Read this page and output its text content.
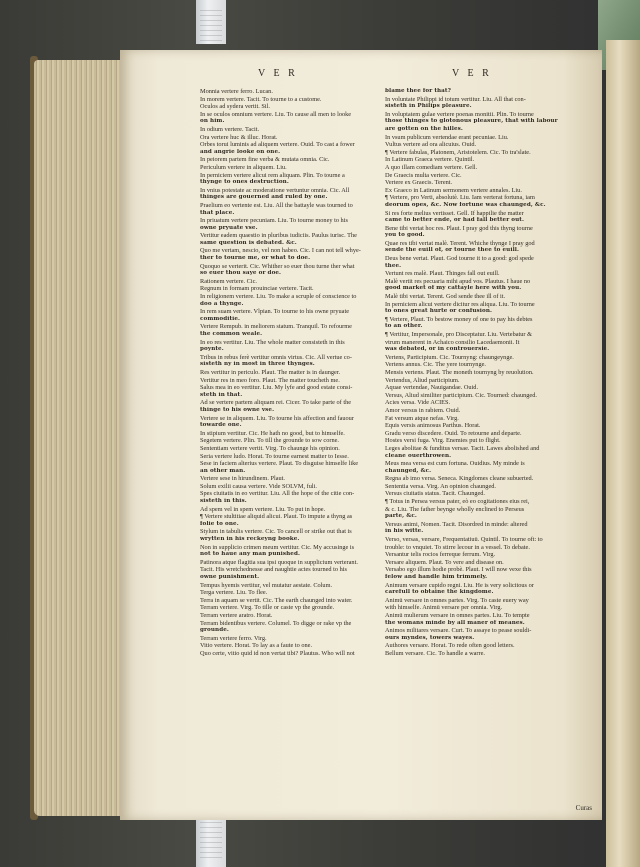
V E R	V E R
Monnia vertere ferro. Lucan.
In morem vertere. Tacit. To tourne to a custome.
Oculos ad sydera vertit. Sil.
In se oculos omnium vertere. Liu. To cause all men to looke
on him.
In odium vertere. Tacit.
Ora vertere huc & illuc. Horat.
Orbes torui luminis ad aliquem vertere. Ouid. To cast a fower
and angrie looke on one.
In peiorem partem fine verba & mutata omnia. Cic.
Periculum vertere in aliquem. Liu.
In perniciem vertere alicui rem aliquam. Plin. To tourne a
thynge to ones destruction.
In vnius potestate ac moderatione vertuntur omnia. Cic. All
thinges are gouerned and ruled by one.
Praelium eo vertente est. Liu. All the battayle was tourned to
that place.
In priuatum vertere pecuniam. Liu. To tourne money to his
owne pryuate vse.
Vertitur eadem quaestio in pluribus iudiciis. Paulus iurisc. The
same question is debated. &c.
Quo me vertam, nescio, vel non habeo. Cic. I can not tell whye-
ther to tourne me, or what to doe.
Quoquo se verterit. Cic. Whither so euer thou turne ther what
so euer thou saye or doe.
Rationem vertere. Cic.
Regnum in formam prouinciae vertere. Tacit.
In religionem vertere. Liu. To make a scruple of conscience to
doo a thynge.
In rem suam vertere. Vlpian. To tourne to his owne pryuate
commoditie.
Vertere Rempub. in meliorem statum. Tranquil. To refourme
the common weale.
In eo res vertitur. Liu. The whole matter consisteth in this
poynte.
Tribus in rebus ferè vertitur omnis virtus. Cic. All vertue co-
sisteth ny in most in three thynges.
Res vertitur in periculo. Plaut. The matter is in daunger.
Vertitur res in meo foro. Plaut. The matter toucheth me.
Salus mea in eo vertitur. Liu. My lyfe and good estate consi-
steth in that.
Ad se vertere partem aliquam rei. Cicer. To take parte of the
thinge to his owne vse.
Vertere se in aliquem. Liu. To tourne his affection and fauour
towarde one.
In stipium vertitur. Cic. He hath no good, but to himselfe.
Segetem vertere. Plin. To till the grounde to sow corne.
Sententiam vertere vertit. Virg. To chaunge his opinion.
Seria vertere ludo. Horat. To tourne earnest matter to Iesse.
Sese in faciem alterius vertere. Plaut. To disguise himselfe like
an other man.
Vertere sese in hirundinem. Plaut.
Solum exilii causa vertere. Vide SOLVM, fuli.
Spes ciuitatis in eo vertitur. Liu. All the hope of the citie con-
sisteth in this.
Ad spem vel in spem vertere. Liu. To put in hope.
¶ Vertere stultitiae aliquid alicui. Plaut. To impute a thyng as
folie to one.
Stylum in tabulis vertere. Cic. To cancell or strike out that is
wrytten in his reckeyng booke.
Non in supplicio crimen meum vertitur. Cic. My accusinge is
not to haue any man punished.
Patinora atque flagitia sua ipsi quoque in supplicium verterant.
Tacit. His wretchednesse and naughtie actes tourned to his
owne punishment.
Tempus hyemis vertitur, vel mutatur aestate. Colum.
Terga vertere. Liu. To flee.
Terra in aquam se vertit. Cic. The earth chaunged into water.
Terram vertere. Virg. To tille or caste vp the grounde.
Terram vertere aratro. Horat.
Terram bidentibus vertere. Columel. To digge or rake vp the
grounde.
Terram vertere ferro. Virg.
Vitio vertere. Horat. To lay as a faute to one.
Quo certe, vitio quid id non vertat tibi? Plautus. Who will not
blame thee for that?
In voluntate Philippi id totum vertitur. Liu. All that con-
sisteth in Philips pleasure.
In voluptatem gulae vertere poenas monitii. Plin. To tourne
those thinges to glotonous pleasure, that with labour
are gotten on the hilles.
In vsum publicum vertendae erant pecuniae. Liu.
Vultus vertere ad ora alicuius. Ouid.
¶ Vertere fabulas, Platonem, Aristotelem. Cic. To tra'slate.
In Latinum Graeca vertere. Quintil.
A quo illam comediam vertere. Gell.
De Graecis multa vertere. Cic.
Vertere ex Graecis. Terent.
Ex Graeco in Latinum sermonem vertere annales. Liu.
¶ Vertere, pro Verti, absolutè. Liu. Iam verterat fortuna, iam
deorum opes, &c. Now fortune was chaunged, &c.
Si res forte melius vertisset. Gell. If happilie the matter
came to better ende, or had fall better out.
Bene tibi vertat hoc res. Plaut. I pray god this thyng tourne
you to good.
Quae res tibi vertat malè. Terent. Whiche thynge I pray god
sende the euill of, or tourne thee to euill.
Deus bene vertat. Plaut. God tourne it to a good: god spede
thee.
Vertunt res malè. Plaut. Thinges fall out euill.
Malè vertit res pecuaria mihi apud vos. Plautus. I haue no
good market of my cattayle here with you.
Malè tibi vertat. Terent. God sende thee ill of it.
In perniciem alicui vertere dicitur res aliqua. Liu. To tourne
to ones great hurte or confusion.
¶ Vertere, Plaut. To bestow money of one to pay his debtes
to an other.
¶ Vertitur, Impersonale, pro Disceptatur. Liu. Vertebatur &
vtrum manerent in Achaico consilio Lacedaemonii. It
was debated, or in controuersie.
Vertens, Participium. Cic. Tournyng: chaungeynge.
Vertens annus. Cic. The yere tournynge.
Mensis vertens. Plaut. The moneth tournyng by reuolution.
Vertendus, Aliud participium.
Aquae vertendae, Nauigandae. Ouid.
Versus, Aliud similiter participium. Cic. Tourned: chaunged.
Acies versa. Vide ACIES.
Amor versus in rabiem. Ouid.
Fat versum atque nefas. Virg.
Equis versis animosus Parthus. Horat.
Gradu verso discedere. Ouid. To retourne and departe.
Hostes versi fuga. Virg. Enemies put to flight.
Leges abolitae & funditus versae. Tacit. Lawes abolished and
cleane ouerthrowen.
Meus mea versa est cum fortuna. Ouidius. My minde is
chaunged, &c.
Regna ab imo versa. Seneca. Kingdomes cleane subuerted.
Sententia versa. Virg. An opinion chaunged.
Versus ciuitatis status. Tacit. Chaunged.
¶ Totus in Persea versus pater, eò eo cogitationes eius rei,
& c. Liu. The father beynge wholly enclined to Perseus
parte, &c.
Versus animi, Nomen. Tacit. Disordred in minde: altered
in his witte.
Verso, versas, versare, Frequentatiuū. Quintil. To tourne oft: to
trouble: to vnquiet. To stirre lecour in a vessel. To debate.
Versantur telis rocios ferreque ferrum. Virg.
Versare aliquem. Plaut. To vere and disease on.
Versabo ego illum hodie probè. Plaut. I will now vexe this
felow and handle him trimmely.
Animum versare cupido regni. Liu. He is very solicitous or
carefull to obtaine the kingdome.
Animū versare in omnes partes. Virg. To caste euery way
with himselfe. Animū versare per omnia. Virg.
Animū mulierum versare in omnes partes. Liu. To tempte
the womans minde by all maner of meanes.
Animos militares versare. Curt. To assaye to pease souldi-
ours myndes, towers wayes.
Authores versare. Horat. To rede often good letters.
Bellum versare. Cic. To handle a warre.
Curas
